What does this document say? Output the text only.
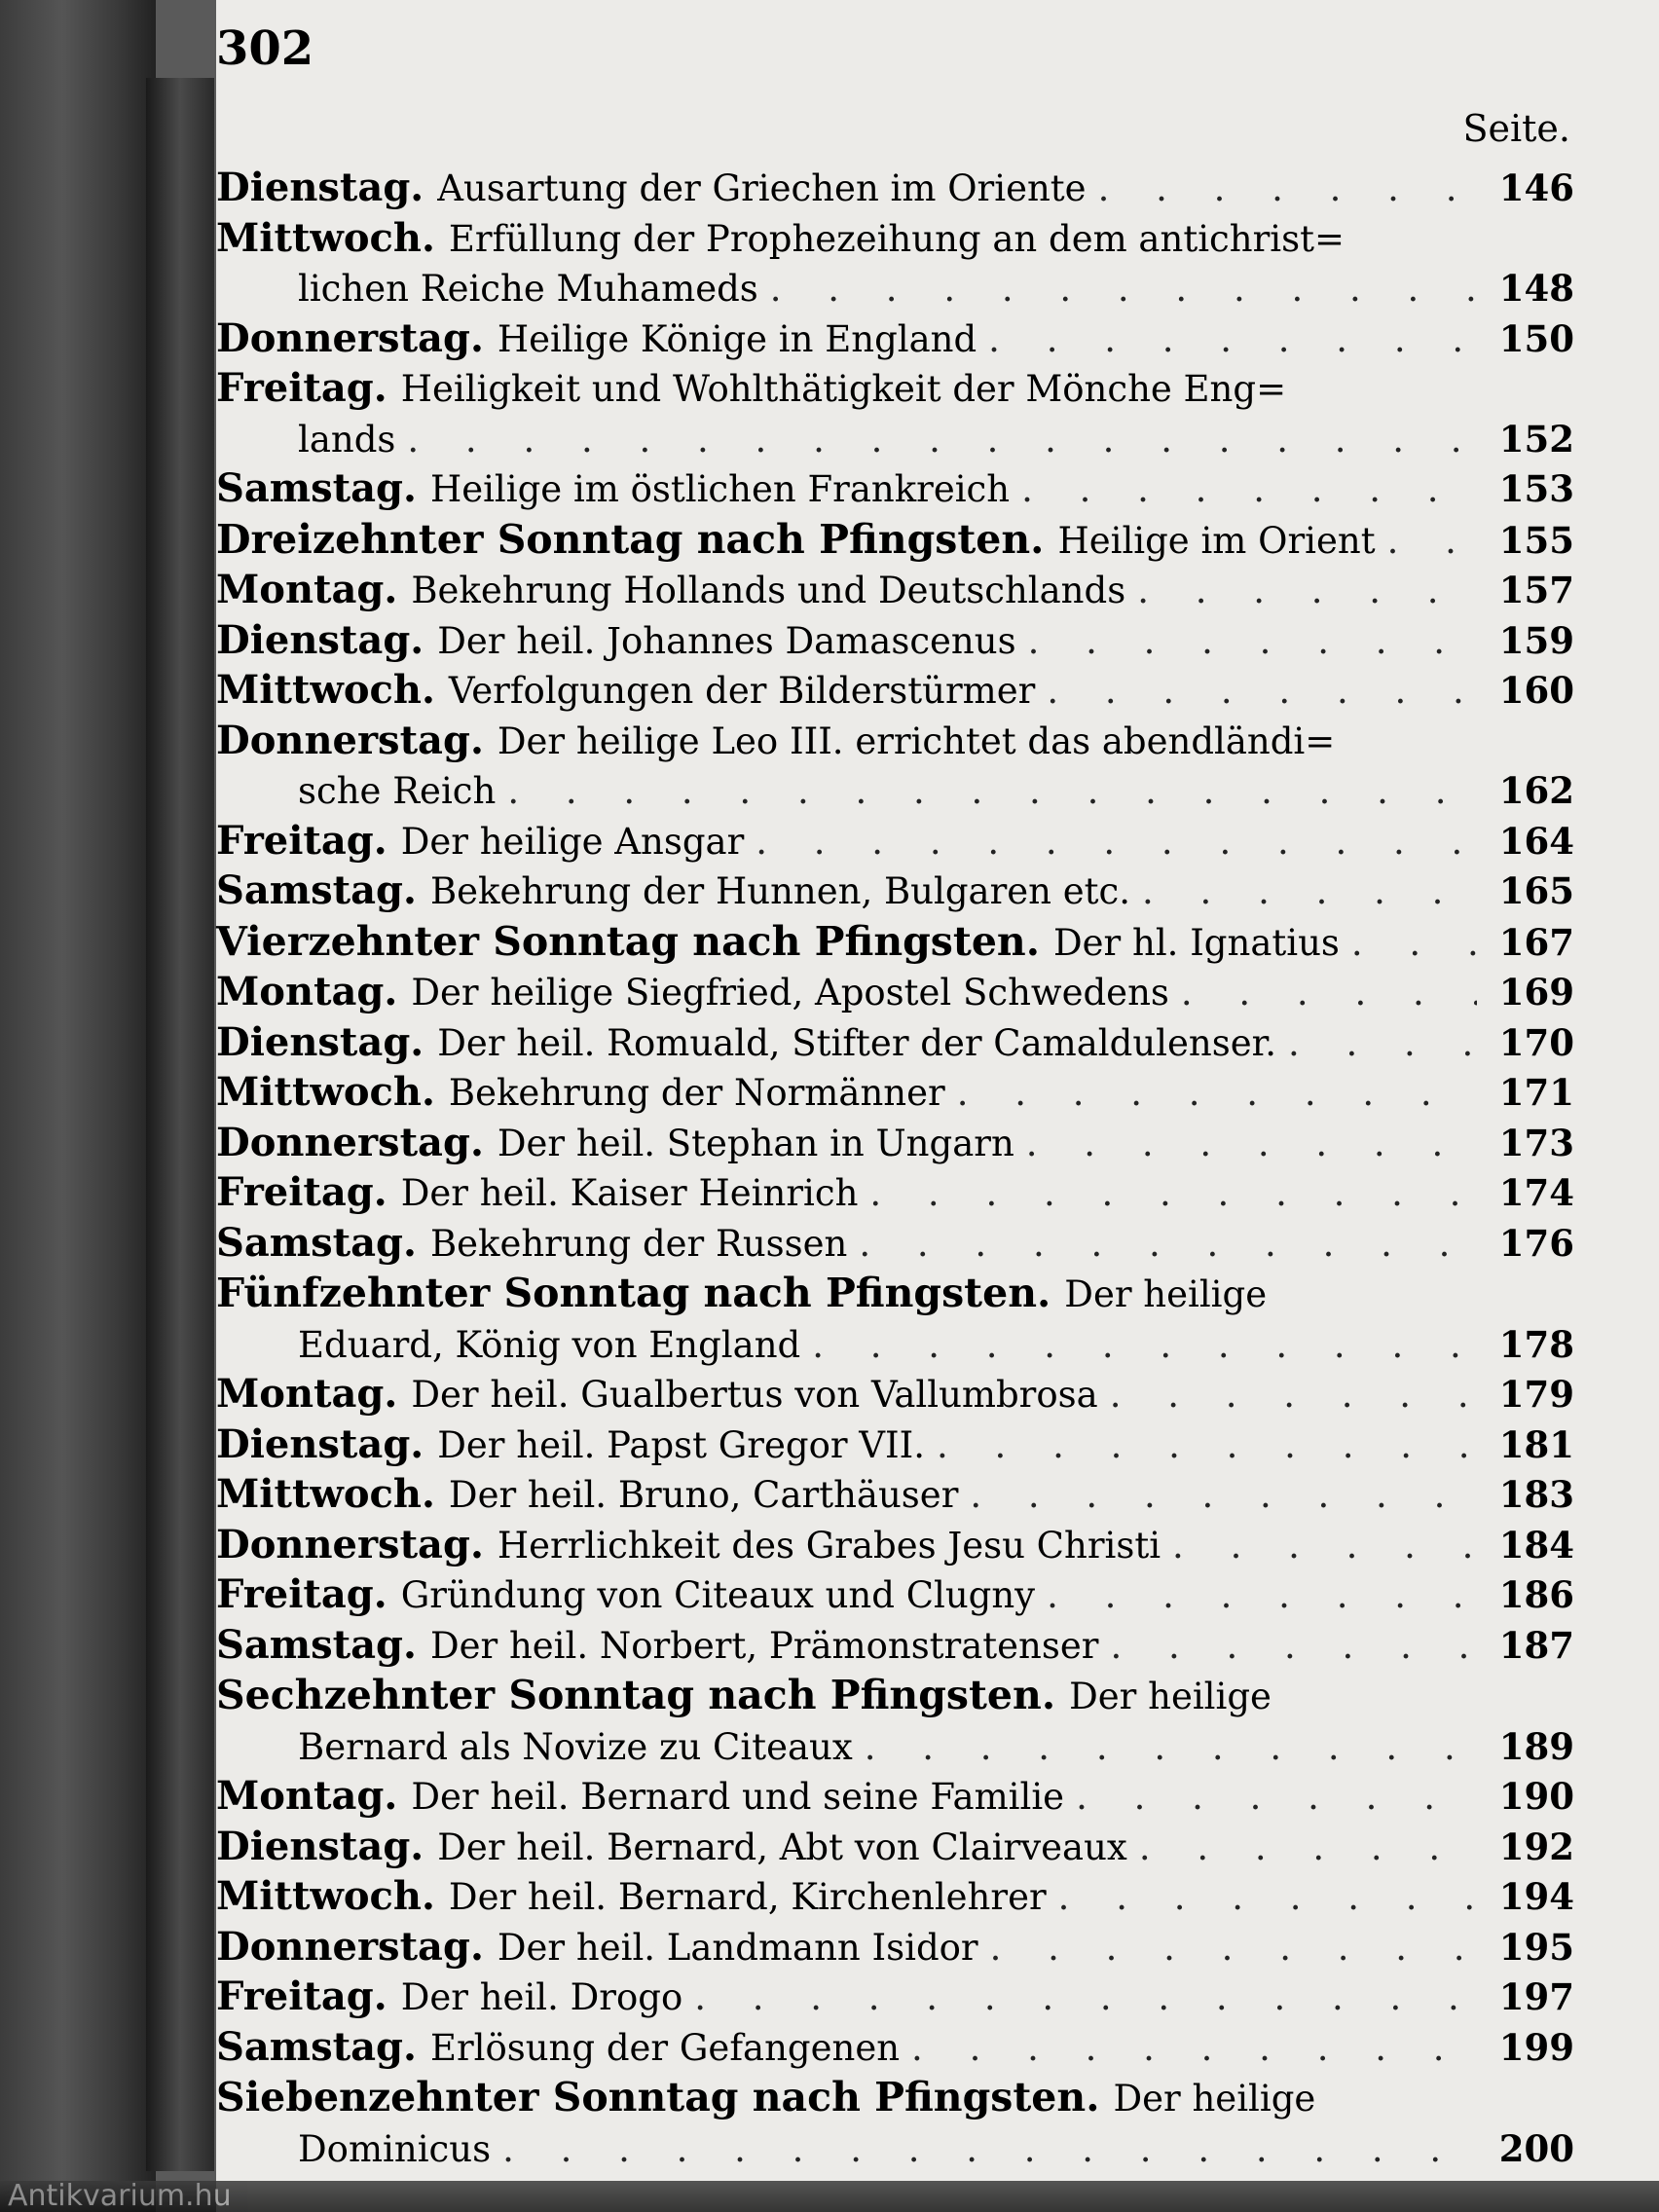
302
Seite.
Dienstag. Ausartung der Griechen im Oriente . . .	146
Mittwoch. Erfüllung der Prophezeihung an dem antichrist=
lichen Reiche Muhameds . . .	148
Donnerstag. Heilige Könige in England . . .	150
Freitag. Heiligkeit und Wohlthätigkeit der Mönche Eng=
lands . . .	152
Samstag. Heilige im östlichen Frankreich . . .	153
Dreizehnter Sonntag nach Pfingsten. Heilige im Orient . . .	155
Montag. Bekehrung Hollands und Deutschlands . . .	157
Dienstag. Der heil. Johannes Damascenus . . .	159
Mittwoch. Verfolgungen der Bilderstürmer . . .	160
Donnerstag. Der heilige Leo III. errichtet das abendländi=
sche Reich . . .	162
Freitag. Der heilige Ansgar . . .	164
Samstag. Bekehrung der Hunnen, Bulgaren etc. . . .	165
Vierzehnter Sonntag nach Pfingsten. Der hl. Ignatius . . .	167
Montag. Der heilige Siegfried, Apostel Schwedens . . .	169
Dienstag. Der heil. Romuald, Stifter der Camaldulenser. . . .	170
Mittwoch. Bekehrung der Normänner . . .	171
Donnerstag. Der heil. Stephan in Ungarn . . .	173
Freitag. Der heil. Kaiser Heinrich . . .	174
Samstag. Bekehrung der Russen . . .	176
Fünfzehnter Sonntag nach Pfingsten. Der heilige
Eduard, König von England . . .	178
Montag. Der heil. Gualbertus von Vallumbrosa . . .	179
Dienstag. Der heil. Papst Gregor VII. . . .	181
Mittwoch. Der heil. Bruno, Carthäuser . . .	183
Donnerstag. Herrlichkeit des Grabes Jesu Christi . . .	184
Freitag. Gründung von Citeaux und Clugny . . .	186
Samstag. Der heil. Norbert, Prämonstratenser . . .	187
Sechzehnter Sonntag nach Pfingsten. Der heilige
Bernard als Novize zu Citeaux . . .	189
Montag. Der heil. Bernard und seine Familie . . .	190
Dienstag. Der heil. Bernard, Abt von Clairveaux . . .	192
Mittwoch. Der heil. Bernard, Kirchenlehrer . . .	194
Donnerstag. Der heil. Landmann Isidor . . .	195
Freitag. Der heil. Drogo . . .	197
Samstag. Erlösung der Gefangenen . . .	199
Siebenzehnter Sonntag nach Pfingsten. Der heilige
Dominicus . . .	200
Antikvarium.hu
